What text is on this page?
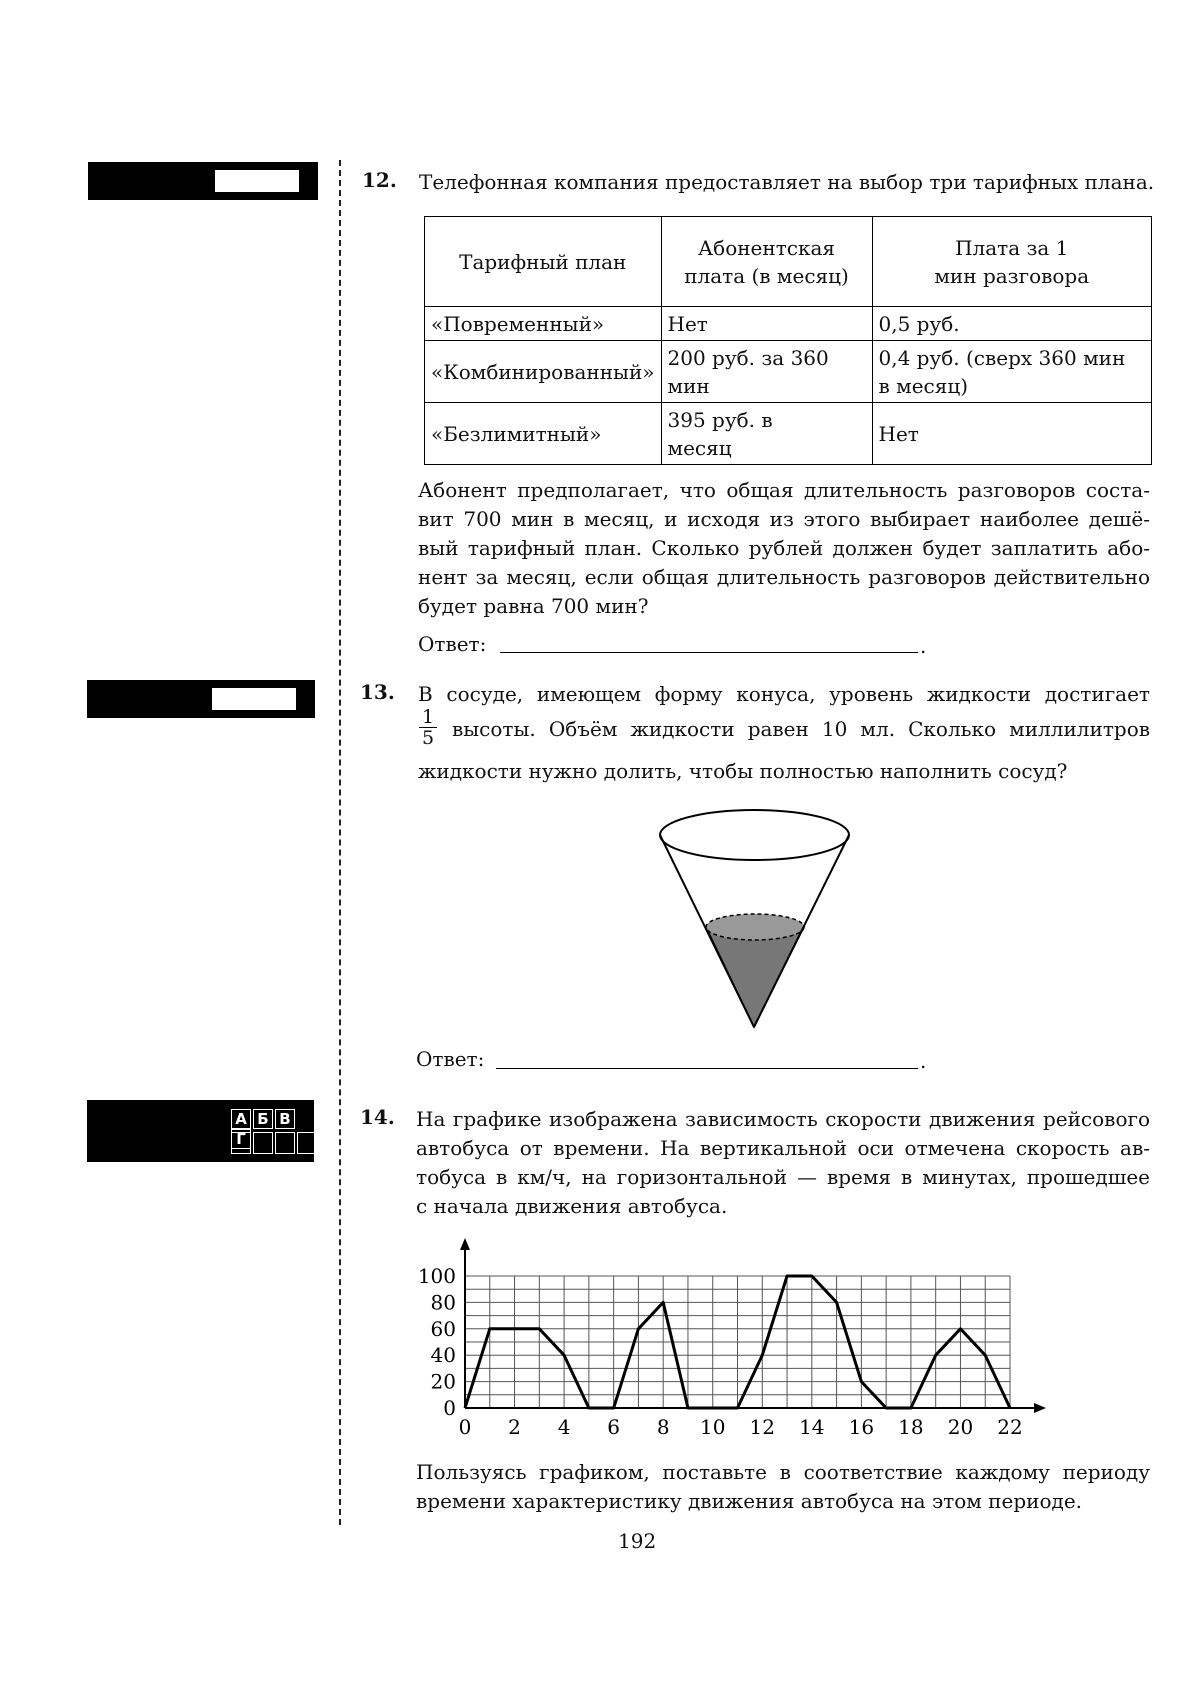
А Б ВГ
12. Телефонная компания предоставляет на выбор три тарифных плана.
Тарифный план	Абонентская плата (в месяц)	Плата за 1 мин разговора
«Повременный»	Нет	0,5 руб.
«Комбинированный»	200 руб. за 360 мин	0,4 руб. (сверх 360 мин в месяц)
«Безлимитный»	395 руб. в месяц	Нет
Абонент предполагает, что общая длительность разговоров соста-
вит 700 мин в месяц, и исходя из этого выбирает наиболее дешё-
вый тарифный план. Сколько рублей должен будет заплатить або-
нент за месяц, если общая длительность разговоров действительно
будет равна 700 мин?
Ответ:	.
13. В сосуде, имеющем форму конуса, уровень жидкости достигает
$\frac{1}{5}$ высоты. Объём жидкости равен 10 мл. Сколько миллилитров
жидкости нужно долить, чтобы полностью наполнить сосуд?
Ответ:	.
14. На графике изображена зависимость скорости движения рейсового
автобуса от времени. На вертикальной оси отмечена скорость ав-
тобуса в км/ч, на горизонтальной — время в минутах, прошедшее
с начала движения автобуса.
0
20
40
60
80
100
0 2 4 6 8 10 12 14 16 18 20 22
Пользуясь графиком, поставьте в соответствие каждому периоду
времени характеристику движения автобуса на этом периоде.
192
